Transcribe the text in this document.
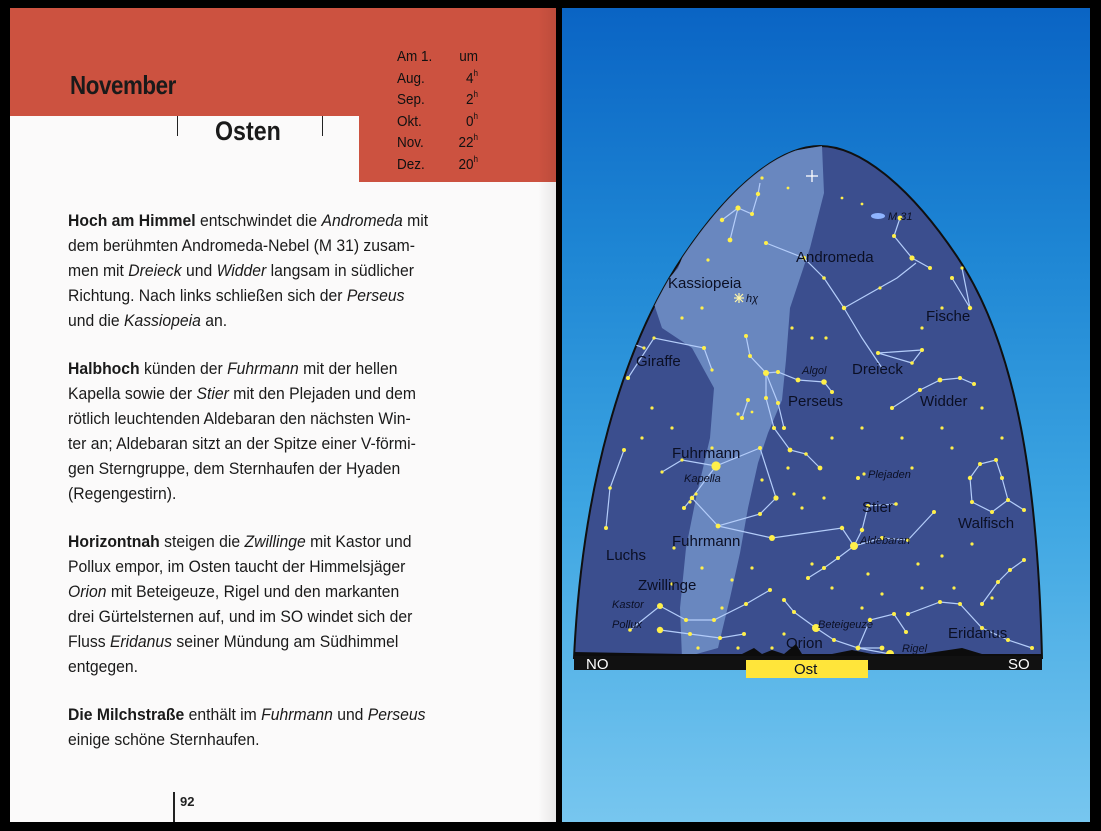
November
Osten
Am 1. um
Aug.	4$^h$
Sep.	2$^h$
Okt.	0$^h$
Nov. 22$^h$
Dez. 20$^h$

Hoch am Himmel entschwindet die Andromeda mit
dem berühmten Andromeda-Nebel (M 31) zusam-
men mit Dreieck und Widder langsam in südlicher
Richtung. Nach links schließen sich der Perseus
und die Kassiopeia an.

Halbhoch künden der Fuhrmann mit der hellen
Kapella sowie der Stier mit den Plejaden und dem
rötlich leuchtenden Aldebaran den nächsten Win-
ter an; Aldebaran sitzt an der Spitze einer V-förmi-
gen Sterngruppe, dem Sternhaufen der Hyaden
(Regengestirn).

Horizontnah steigen die Zwillinge mit Kastor und
Pollux empor, im Osten taucht der Himmelsjäger
Orion mit Beteigeuze, Rigel und den markanten
drei Gürtelsternen auf, und im SO windet sich der
Fluss Eridanus seiner Mündung am Südhimmel
entgegen.

Die Milchstraße enthält im Fuhrmann und Perseus
einige schöne Sternhaufen.

92
Andromeda
M 31
Kassiopeia
hχ
Fische
Giraffe
Algol Dreieck
Perseus	Widder
Fuhrmann
Kapella	Plejaden
Stier
Walfisch
Luchs
Fuhrmann	Aldebaran
Zwillinge
Kastor
Pollux	Beteigeuze
Orion	Rigel
Eridanus
NO	Ost	SO
